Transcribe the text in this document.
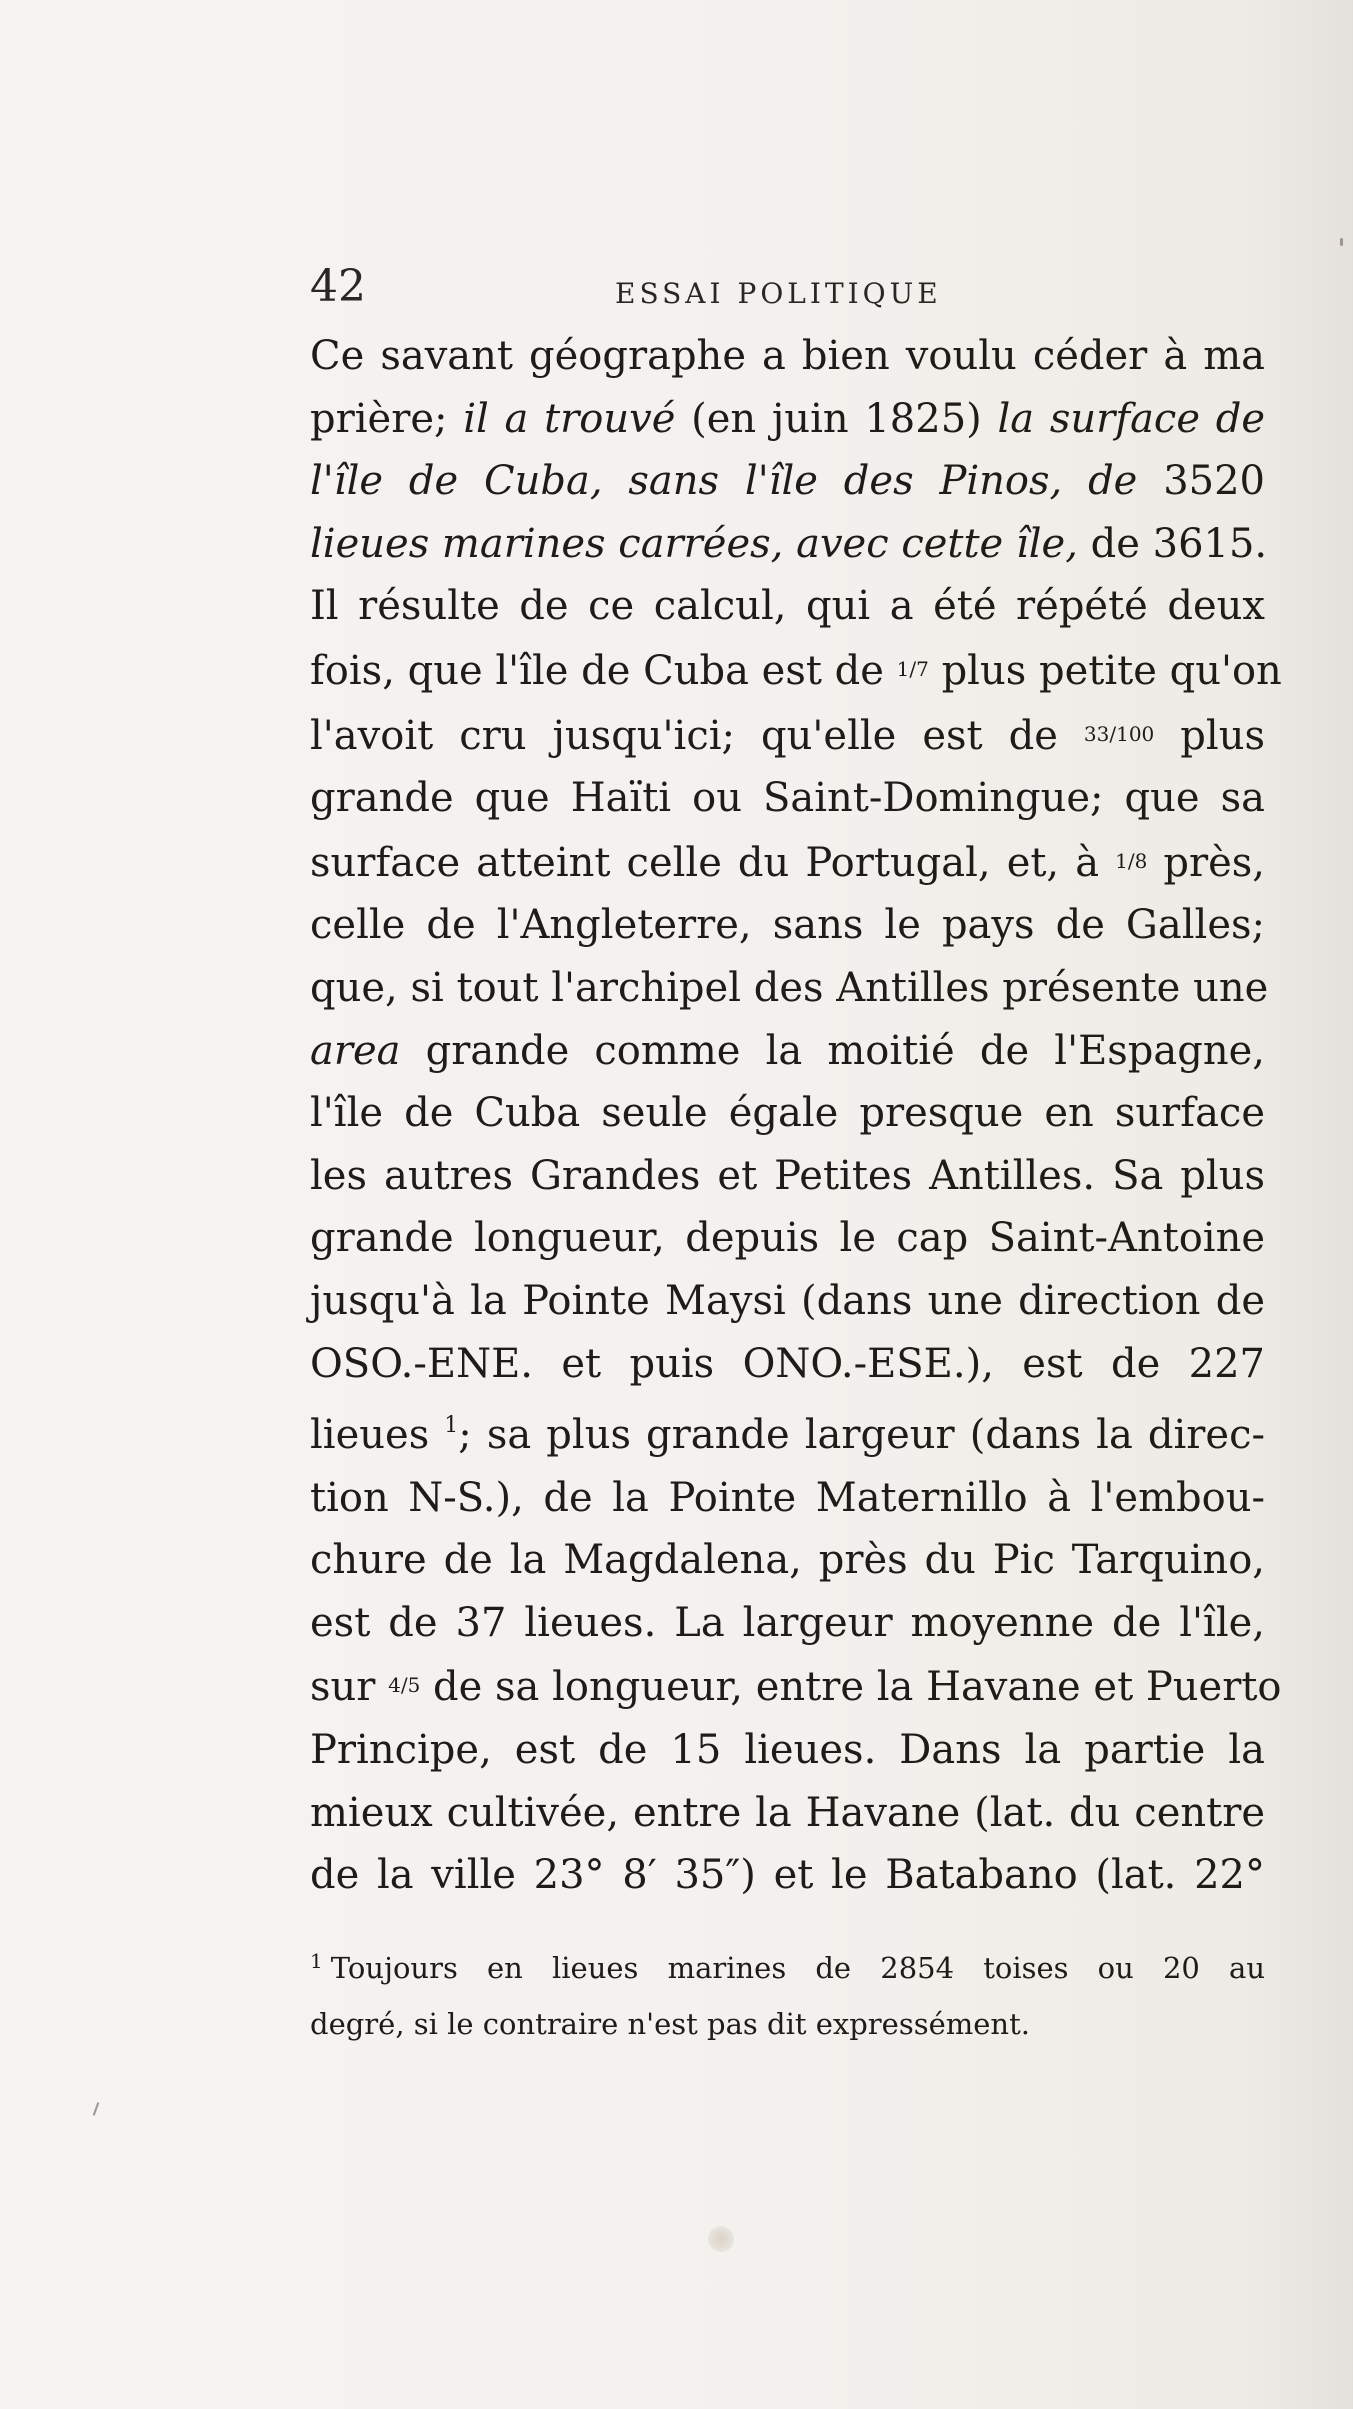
42	ESSAI POLITIQUE

Ce savant géographe a bien voulu céder à ma
prière; il a trouvé (en juin 1825) la surface de
l'île de Cuba, sans l'île des Pinos, de 3520
lieues marines carrées, avec cette île, de 3615.
Il résulte de ce calcul, qui a été répété deux
fois, que l'île de Cuba est de $^{1/7}$ plus petite qu'on
l'avoit cru jusqu'ici; qu'elle est de $^{33/100}$ plus
grande que Haïti ou Saint-Domingue; que sa
surface atteint celle du Portugal, et, à $^{1/8}$ près,
celle de l'Angleterre, sans le pays de Galles;
que, si tout l'archipel des Antilles présente une
area grande comme la moitié de l'Espagne,
l'île de Cuba seule égale presque en surface
les autres Grandes et Petites Antilles. Sa plus
grande longueur, depuis le cap Saint-Antoine
jusqu'à la Pointe Maysi (dans une direction de
OSO.-ENE. et puis ONO.-ESE.), est de 227
lieues $^1$; sa plus grande largeur (dans la direc-
tion N-S.), de la Pointe Maternillo à l'embou-
chure de la Magdalena, près du Pic Tarquino,
est de 37 lieues. La largeur moyenne de l'île,
sur $^{4/5}$ de sa longueur, entre la Havane et Puerto
Principe, est de 15 lieues. Dans la partie la
mieux cultivée, entre la Havane (lat. du centre
de la ville 23° 8′ 35″) et le Batabano (lat. 22°

$^1$ Toujours en lieues marines de 2854 toises ou 20 au
degré, si le contraire n'est pas dit expressément.
